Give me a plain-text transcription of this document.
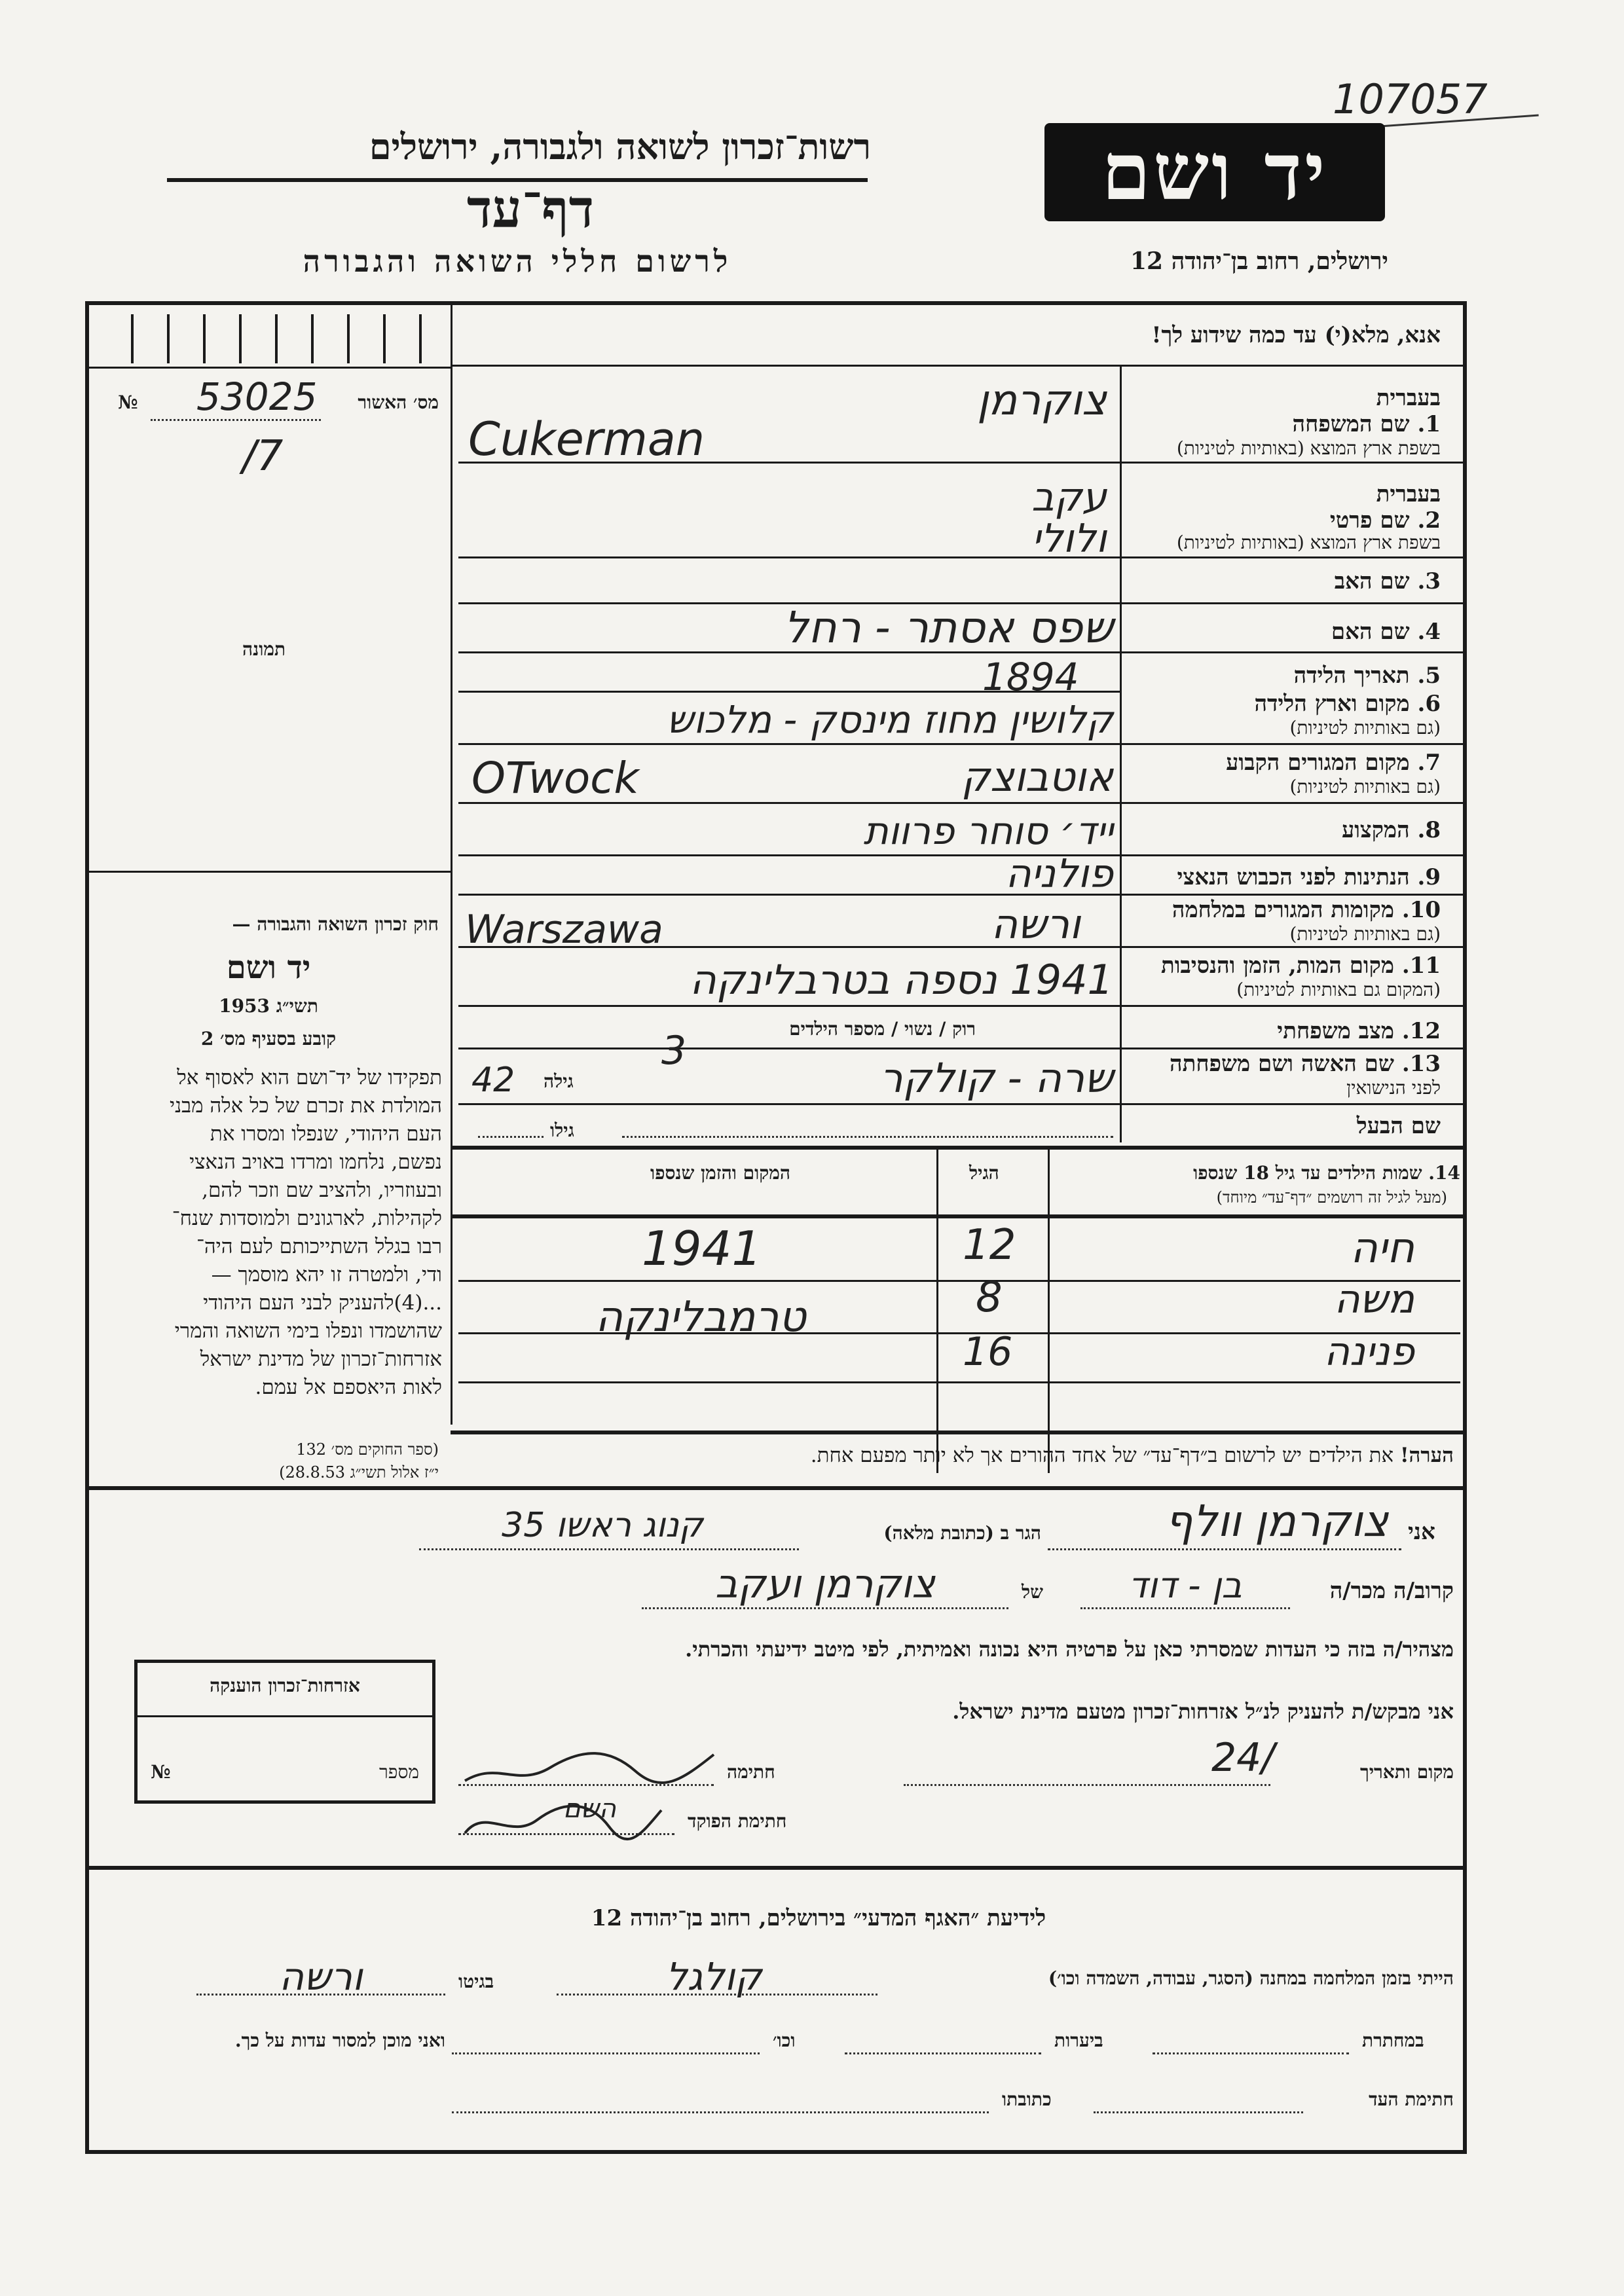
107057
רשות־זכרון לשואה ולגבורה, ירושלים
דף־עד
לרשום חללי השואה והגבורה
יד ושם
ירושלים, רחוב בן־יהודה 12
מס׳ האשור
№ 53025
/7
תמונה
אנא, מלא(י) עד כמה שידוע לך!
בעברית
1. שם המשפחה
בשפת ארץ המוצא (באותיות לטיניות)
בעברית
2. שם פרטי
בשפת ארץ המוצא (באותיות לטיניות)
3. שם האב
4. שם האם
5. תאריך הלידה
6. מקום וארץ הלידה
(גם באותיות לטיניות)
7. מקום המגורים הקבוע
(גם באותיות לטיניות)
8. המקצוע
9. הנתינות לפני הכבוש הנאצי
10. מקומות המגורים במלחמה
(גם באותיות לטיניות)
11. מקום המות, הזמן והנסיבות
(המקום גם באותיות לטיניות)
12. מצב משפחתי
13. שם האשה ושם משפחתה
לפני הנישואין
שם הבעל
צוקרמן
Cukerman
עקב
ולולי
שפס אסתר - רחל
1894
קלושין מחוז מינסק - מלכוש
אוטבוצק
OTwock
ייד׳ סוחר פרוות
פולניה
ורשה
Warszawa
1941 נספה בטרבלינקה
רוק / נשוי / מספר הילדים
3
שרה - קולקר
גילה
42
גילו
חוק זכרון השואה והגבורה —
יד ושם
תשי״ג 1953
קובע בסעיף מס׳ 2
תפקידו של יד־ושם הוא לאסוף אל
המולדת את זכרם של כל אלה מבני
העם היהודי, שנפלו ומסרו את
נפשם, נלחמו ומרדו באויב הנאצי
ובעוזריו, ולהציב שם וזכר להם,
לקהילות, לארגונים ולמוסדות שנח־
רבו בגלל השתייכותם לעם היה־
ודי, ולמטרה זו יהא מוסמך —
...(4)להעניק לבני העם היהודי
שהושמדו ונפלו בימי השואה והמרי
אזרחות־זכרון של מדינת ישראל
לאות היאספם אל עמם.
(ספר החוקים מס׳ 132
י״ז אלול תשי״ג 28.8.53)
14. שמות הילדים עד גיל 18 שנספו
(מעל לגיל זה רושמים ״דף־עד״ מיוחד)
הגיל
המקום והזמן שנספו
חיה
12
1941
משה
8
טרמבלינקה
פנינה
16
הערה! את הילדים יש לרשום ב״דף־עד״ של אחד ההורים אך לא יותר מפעם אחת.
אני
צוקרמן וולף
הגר ב (כתובת מלאה)
קנוג ראשו 35
קרוב/ה מכר/ה
בן - דוד
של
צוקרמן ועקב
מצהיר/ה בזה כי העדות שמסרתי כאן על פרטיה היא נכונה ואמיתית, לפי מיטב ידיעתי והכרתי.
אני מבקש/ת להעניק לנ״ל אזרחות־זכרון מטעם מדינת ישראל.
מקום ותאריך
24/
חתימה
חתימת הפוקד
השם
אזרחות־זכרון הוענקה
№	מספר
לידיעת ״האגף המדעי״ בירושלים, רחוב בן־יהודה 12
הייתי בזמן המלחמה במחנה (הסגר, עבודה, השמדה וכו׳)
קולגל
בגיטו
ורשה
במחתרת
ביערות
וכו׳
ואני מוכן למסור עדות על כך.
חתימת העד
כתובתו
